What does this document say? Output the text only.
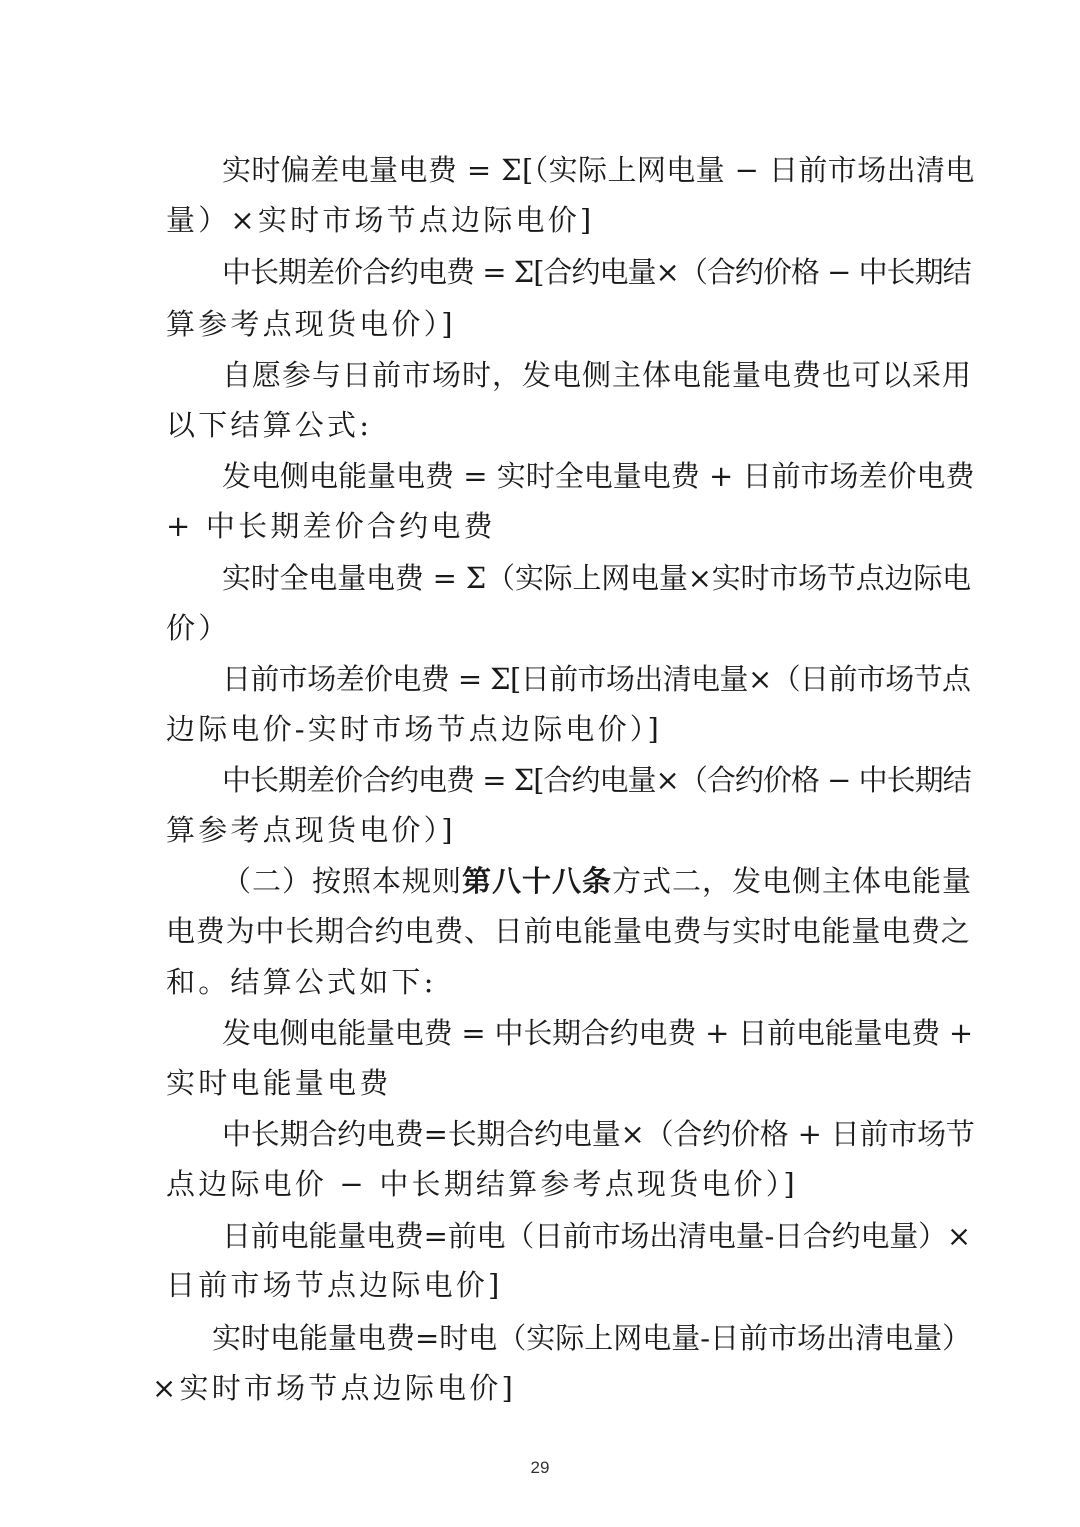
实时偏差电量电费 = Σ[（实际上网电量 − 日前市场出清电
量）×实时市场节点边际电价]
中长期差价合约电费 = Σ[合约电量×（合约价格 − 中长期结
算参考点现货电价）]
自愿参与日前市场时，发电侧主体电能量电费也可以采用
以下结算公式:
发电侧电能量电费 = 实时全电量电费 + 日前市场差价电费
+ 中长期差价合约电费
实时全电量电费 = Σ（实际上网电量×实时市场节点边际电
价）
日前市场差价电费 = Σ[日前市场出清电量×（日前市场节点
边际电价-实时市场节点边际电价）]
中长期差价合约电费 = Σ[合约电量×（合约价格 − 中长期结
算参考点现货电价）]
（二）按照本规则第八十八条方式二，发电侧主体电能量
电费为中长期合约电费、日前电能量电费与实时电能量电费之
和。结算公式如下:
发电侧电能量电费 = 中长期合约电费 + 日前电能量电费 +
实时电能量电费
中长期合约电费=长期合约电量×（合约价格 + 日前市场节
点边际电价 − 中长期结算参考点现货电价）]
日前电能量电费=前电（日前市场出清电量-日合约电量）×
日前市场节点边际电价]
实时电能量电费=时电（实际上网电量-日前市场出清电量）
×实时市场节点边际电价]
29
